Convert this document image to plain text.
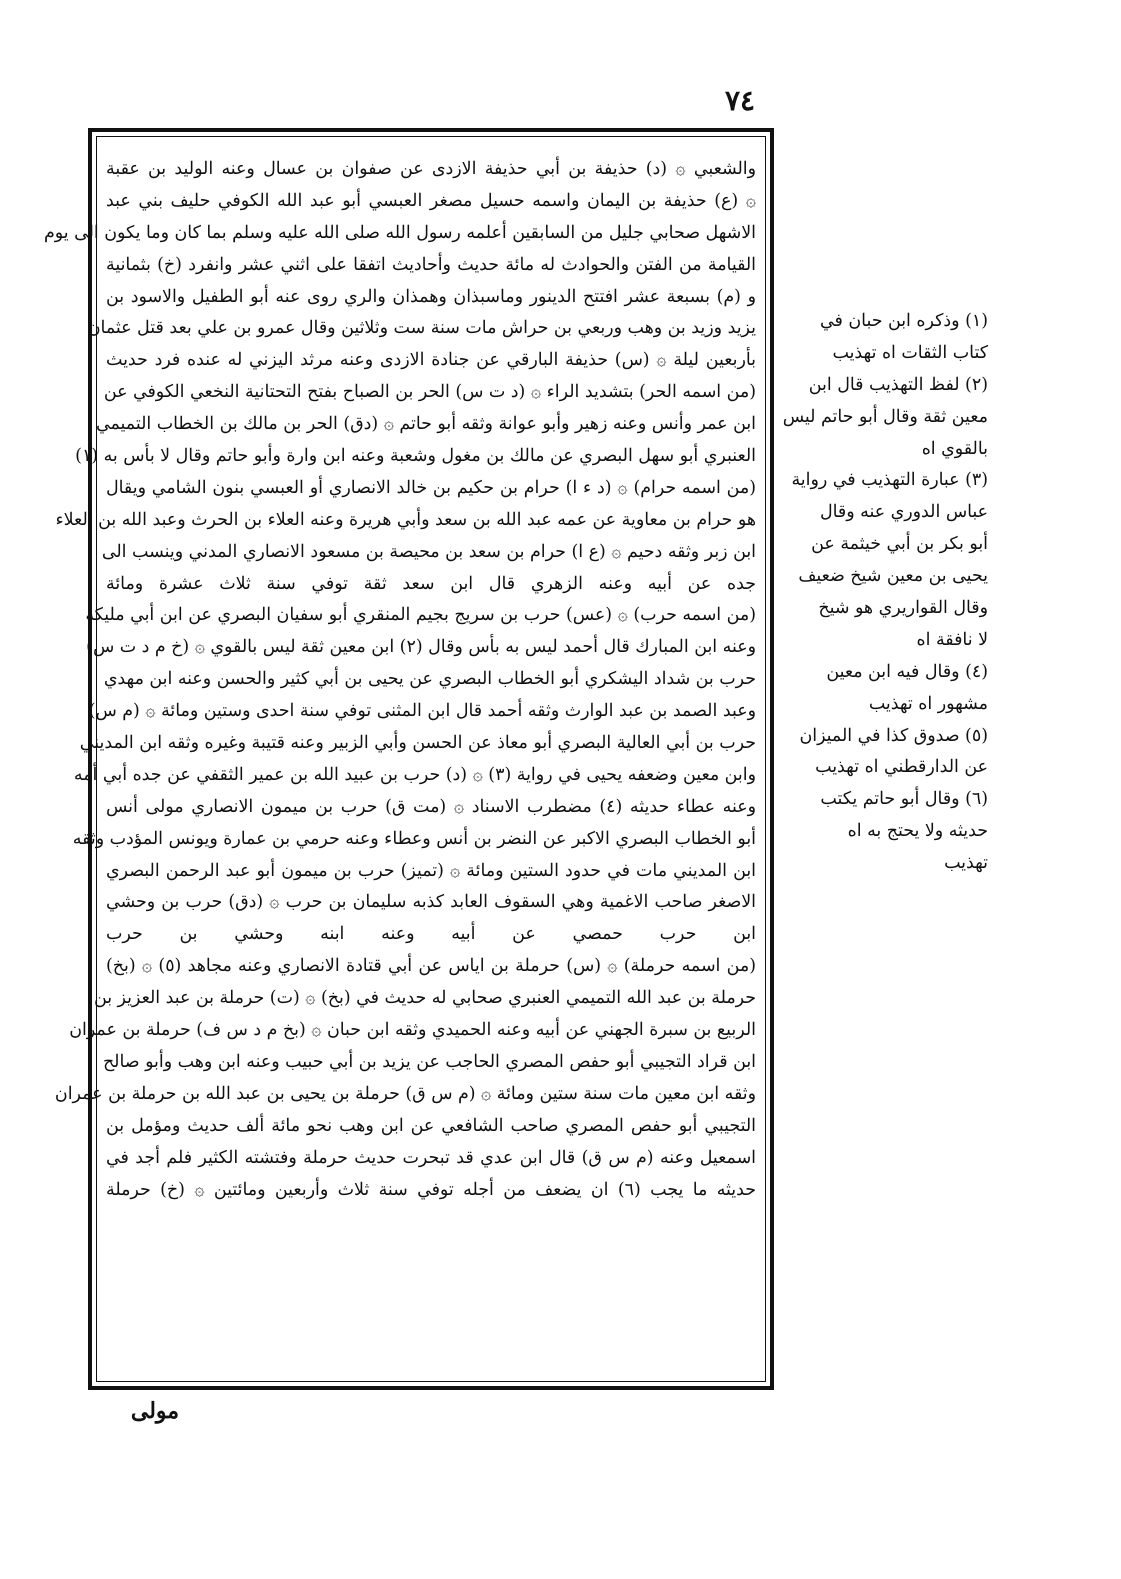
٧٤
والشعبي ۞ (د) حذيفة بن أبي حذيفة الازدى عن صفوان بن عسال وعنه الوليد بن عقبة
۞ (ع) حذيفة بن اليمان واسمه حسيل مصغر العبسي أبو عبد الله الكوفي حليف بني عبد
الاشهل صحابي جليل من السابقين أعلمه رسول الله صلى الله عليه وسلم بما كان وما يكون الى يوم
القيامة من الفتن والحوادث له مائة حديث وأحاديث اتفقا على اثني عشر وانفرد (خ) بثمانية
و (م) بسبعة عشر افتتح الدينور وماسبذان وهمذان والري روى عنه أبو الطفيل والاسود بن
يزيد وزيد بن وهب وربعي بن حراش مات سنة ست وثلاثين وقال عمرو بن علي بعد قتل عثمان
بأربعين ليلة ۞ (س) حذيفة البارقي عن جنادة الازدى وعنه مرثد اليزني له عنده فرد حديث
(من اسمه الحر) بتشديد الراء ۞ (د ت س) الحر بن الصباح بفتح التحتانية النخعي الكوفي عن
ابن عمر وأنس وعنه زهير وأبو عوانة وثقه أبو حاتم ۞ (دق) الحر بن مالك بن الخطاب التميمي
العنبري أبو سهل البصري عن مالك بن مغول وشعبة وعنه ابن وارة وأبو حاتم وقال لا بأس به (١)
(من اسمه حرام) ۞ (د ء ا) حرام بن حكيم بن خالد الانصاري أو العبسي بنون الشامي ويقال
هو حرام بن معاوية عن عمه عبد الله بن سعد وأبي هريرة وعنه العلاء بن الحرث وعبد الله بن العلاء
ابن زبر وثقه دحيم ۞ (ع ا) حرام بن سعد بن محيصة بن مسعود الانصاري المدني وينسب الى
جده عن أبيه وعنه الزهري قال ابن سعد ثقة توفي سنة ثلاث عشرة ومائة
(من اسمه حرب) ۞ (عس) حرب بن سريج بجيم المنقري أبو سفيان البصري عن ابن أبي مليكة
وعنه ابن المبارك قال أحمد ليس به بأس وقال (٢) ابن معين ثقة ليس بالقوي ۞ (خ م د ت س)
حرب بن شداد اليشكري أبو الخطاب البصري عن يحيى بن أبي كثير والحسن وعنه ابن مهدي
وعبد الصمد بن عبد الوارث وثقه أحمد قال ابن المثنى توفي سنة احدى وستين ومائة ۞ (م س)
حرب بن أبي العالية البصري أبو معاذ عن الحسن وأبي الزبير وعنه قتيبة وغيره وثقه ابن المديني
وابن معين وضعفه يحيى في رواية (٣) ۞ (د) حرب بن عبيد الله بن عمير الثقفي عن جده أبي أمه
وعنه عطاء حديثه (٤) مضطرب الاسناد ۞ (مت ق) حرب بن ميمون الانصاري مولى أنس
أبو الخطاب البصري الاكبر عن النضر بن أنس وعطاء وعنه حرمي بن عمارة ويونس المؤدب وثقه
ابن المديني مات في حدود الستين ومائة ۞ (تميز) حرب بن ميمون أبو عبد الرحمن البصري
الاصغر صاحب الاغمية وهي السقوف العابد كذبه سليمان بن حرب ۞ (دق) حرب بن وحشي
ابن حرب حمصي عن أبيه وعنه ابنه وحشي بن حرب
(من اسمه حرملة) ۞ (س) حرملة بن اياس عن أبي قتادة الانصاري وعنه مجاهد (٥) ۞ (بخ)
حرملة بن عبد الله التميمي العنبري صحابي له حديث في (بخ) ۞ (ت) حرملة بن عبد العزيز بن
الربيع بن سبرة الجهني عن أبيه وعنه الحميدي وثقه ابن حبان ۞ (بخ م د س ف) حرملة بن عمران
ابن قراد التجيبي أبو حفص المصري الحاجب عن يزيد بن أبي حبيب وعنه ابن وهب وأبو صالح
وثقه ابن معين مات سنة ستين ومائة ۞ (م س ق) حرملة بن يحيى بن عبد الله بن حرملة بن عمران
التجيبي أبو حفص المصري صاحب الشافعي عن ابن وهب نحو مائة ألف حديث ومؤمل بن
اسمعيل وعنه (م س ق) قال ابن عدي قد تبحرت حديث حرملة وفتشته الكثير فلم أجد في
حديثه ما يجب (٦) ان يضعف من أجله توفي سنة ثلاث وأربعين ومائتين ۞ (خ) حرملة
(١) وذكره ابن حبان في
كتاب الثقات اه تهذيب
(٢) لفظ التهذيب قال ابن
معين ثقة وقال أبو حاتم ليس
بالقوي اه
(٣) عبارة التهذيب في رواية
عباس الدوري عنه وقال
أبو بكر بن أبي خيثمة عن
يحيى بن معين شيخ ضعيف
وقال القواريري هو شيخ
لا نافقة اه
(٤) وقال فيه ابن معين
مشهور اه تهذيب
(٥) صدوق كذا في الميزان
عن الدارقطني اه تهذيب
(٦) وقال أبو حاتم يكتب
حديثه ولا يحتج به اه
تهذيب
مولى
